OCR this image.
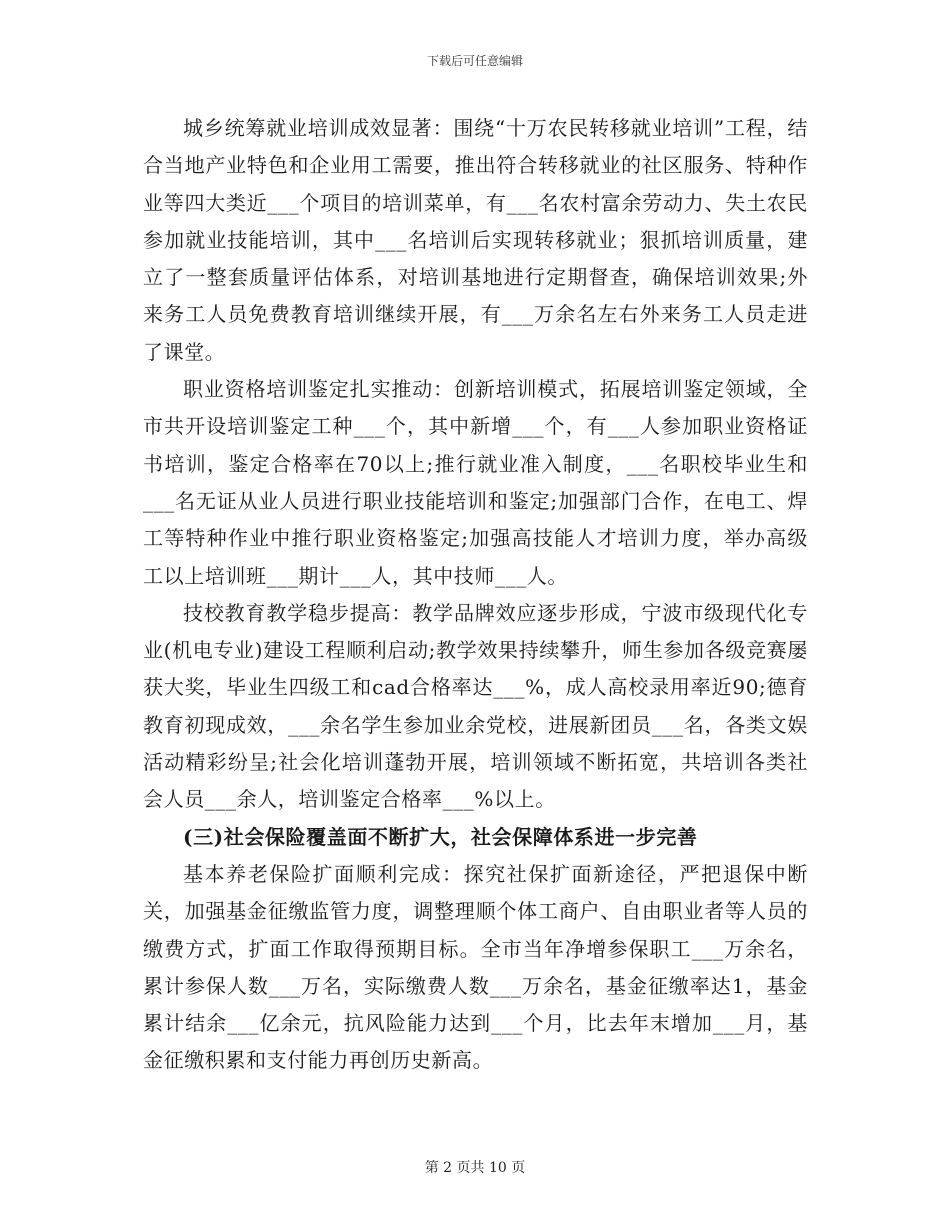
下载后可任意编辑

城乡统筹就业培训成效显著：围绕“十万农民转移就业培训”工程，结合当地产业特色和企业用工需要，推出符合转移就业的社区服务、特种作业等四大类近___个项目的培训菜单，有___名农村富余劳动力、失土农民参加就业技能培训，其中___名培训后实现转移就业；狠抓培训质量，建立了一整套质量评估体系，对培训基地进行定期督查，确保培训效果;外来务工人员免费教育培训继续开展，有___万余名左右外来务工人员走进了课堂。

职业资格培训鉴定扎实推动：创新培训模式，拓展培训鉴定领域，全市共开设培训鉴定工种___个，其中新增___个，有___人参加职业资格证书培训，鉴定合格率在70以上;推行就业准入制度，___名职校毕业生和___名无证从业人员进行职业技能培训和鉴定;加强部门合作，在电工、焊工等特种作业中推行职业资格鉴定;加强高技能人才培训力度，举办高级工以上培训班___期计___人，其中技师___人。

技校教育教学稳步提高：教学品牌效应逐步形成，宁波市级现代化专业(机电专业)建设工程顺利启动;教学效果持续攀升，师生参加各级竞赛屡获大奖，毕业生四级工和cad合格率达___%，成人高校录用率近90;德育教育初现成效，___余名学生参加业余党校，进展新团员___名，各类文娱活动精彩纷呈;社会化培训蓬勃开展，培训领域不断拓宽，共培训各类社会人员___余人，培训鉴定合格率___%以上。

(三)社会保险覆盖面不断扩大，社会保障体系进一步完善

基本养老保险扩面顺利完成：探究社保扩面新途径，严把退保中断关，加强基金征缴监管力度，调整理顺个体工商户、自由职业者等人员的缴费方式，扩面工作取得预期目标。全市当年净增参保职工___万余名，累计参保人数___万名，实际缴费人数___万余名，基金征缴率达1，基金累计结余___亿余元，抗风险能力达到___个月，比去年末增加___月，基金征缴积累和支付能力再创历史新高。

第 2 页共 10 页
